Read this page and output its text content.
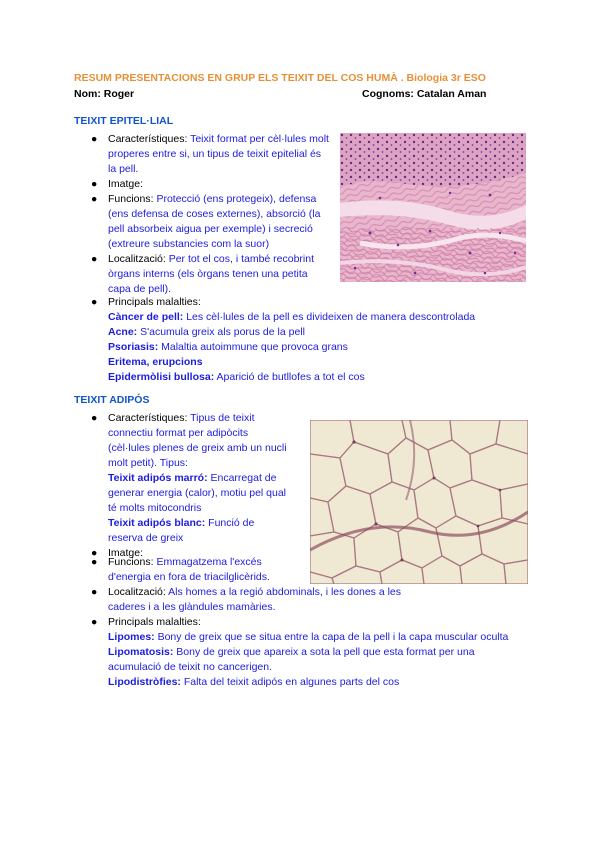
RESUM PRESENTACIONS EN GRUP ELS TEIXIT DEL COS HUMÀ . Biologia 3r ESO
Nom: Roger	Cognoms: Catalan Aman
TEIXIT EPITEL·LIAL
● Característiques: Teixit format per cèl·lules molt properes entre si, un tipus de teixit epitelial és la pell.
● Imatge:
● Funcions: Protecció (ens protegeix), defensa (ens defensa de coses externes), absorció (la pell absorbeix aigua per exemple) i secreció (extreure substancies com la suor)
● Localització: Per tot el cos, i també recobrint òrgans interns (els òrgans tenen una petita capa de pell).
● Principals malalties:
Càncer de pell: Les cèl·lules de la pell es divideixen de manera descontrolada
Acne: S'acumula greix als porus de la pell
Psoriasis: Malaltia autoimmune que provoca grans
Eritema, erupcions
Epidermòlisi bullosa: Aparició de butllofes a tot el cos
TEIXIT ADIPÓS
● Característiques: Tipus de teixit connectiu format per adipòcits (cèl·lules plenes de greix amb un nucli molt petit). Tipus:
Teixit adipós marró: Encarregat de generar energia (calor), motiu pel qual té molts mitocondris
Teixit adipós blanc: Funció de reserva de greix
● Imatge:
● Funcions: Emmagatzema l'excés d'energia en fora de triacilglicèrids.
● Localització: Als homes a la regió abdominals, i les dones a les caderes i a les glàndules mamàries.
● Principals malalties:
Lipomes: Bony de greix que se situa entre la capa de la pell i la capa muscular oculta
Lipomatosis: Bony de greix que apareix a sota la pell que esta format per una acumulació de teixit no cancerigen.
Lipodistròfies: Falta del teixit adipós en algunes parts del cos
